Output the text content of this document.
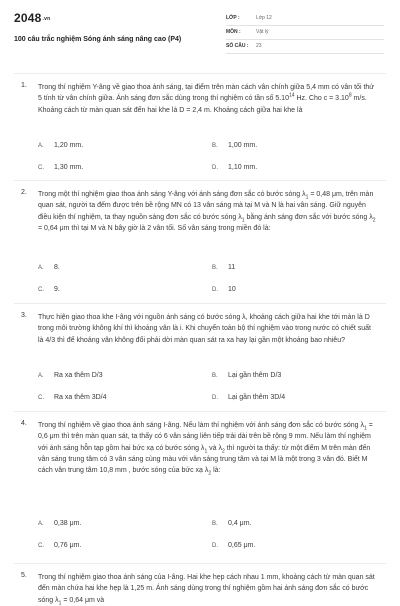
2048.vn
100 câu trắc nghiệm Sóng ánh sáng nâng cao (P4)
LỚP :	Lớp 12
MÔN :	Vật lý
SỐ CÂU : 23
1. Trong thí nghiệm Y-âng về giao thoa ánh sáng, tại điểm trên màn cách vân chính giữa 5,4 mm có vân tối thứ 5 tính từ vân chính giữa. Ánh sáng đơn sắc dùng trong thí nghiệm có tần số 5.10$^{14}$ Hz. Cho $c = 3.10^8$ m/s. Khoảng cách từ màn quan sát đến hai khe là D = 2,4 m. Khoảng cách giữa hai khe là
A. 1,20 mm.	B. 1,00 mm.
C. 1,30 mm.	D. 1,10 mm.
2. Trong một thí nghiệm giao thoa ánh sáng Y-âng với ánh sáng đơn sắc có bước sóng $\lambda_1 = 0,48$ μm, trên màn quan sát, người ta đếm được trên bề rộng MN có 13 vân sáng mà tại M và N là hai vân sáng. Giữ nguyên điều kiện thí nghiệm, ta thay nguồn sáng đơn sắc có bước sóng $\lambda_1$ bằng ánh sáng đơn sắc với bước sóng $\lambda_2 = 0,64$ μm thì tại M và N bây giờ là 2 vân tối. Số vân sáng trong miền đó là:
A. 8.	B. 11
C. 9.	D. 10
3. Thực hiện giao thoa khe I-âng với nguồn ánh sáng có bước sóng λ, khoảng cách giữa hai khe tới màn là D trong môi trường không khí thì khoảng vân là i. Khi chuyển toàn bộ thí nghiệm vào trong nước có chiết suất là 4/3 thì để khoảng vân không đổi phải dời màn quan sát ra xa hay lại gần một khoảng bao nhiêu?
A. Ra xa thêm D/3	B. Lại gần thêm D/3
C. Ra xa thêm 3D/4	D. Lại gần thêm 3D/4
4. Trong thí nghiệm về giao thoa ánh sáng I-âng. Nếu làm thí nghiệm với ánh sáng đơn sắc có bước sóng $\lambda_1 = 0,6$ μm thì trên màn quan sát, ta thấy có 6 vân sáng liên tiếp trải dài trên bề rộng 9 mm. Nếu làm thí nghiệm với ánh sáng hỗn tạp gồm hai bức xạ có bước sóng $\lambda_1$ và $\lambda_2$ thì người ta thấy: từ một điểm M trên màn đến vân sáng trung tâm có 3 vân sáng cùng màu với vân sáng trung tâm và tại M là một trong 3 vân đó. Biết M cách vân trung tâm 10,8 mm , bước sóng của bức xạ $\lambda_2$ là:
A. 0,38 μm.	B. 0,4 μm.
C. 0,76 μm.	D. 0,65 μm.
5. Trong thí nghiệm giao thoa ánh sáng của I-âng. Hai khe hẹp cách nhau 1 mm, khoảng cách từ màn quan sát đến màn chứa hai khe hẹp là 1,25 m. Ánh sáng dùng trong thí nghiệm gồm hai ánh sáng đơn sắc có bước sóng $\lambda_1 = 0,64$ μm và
